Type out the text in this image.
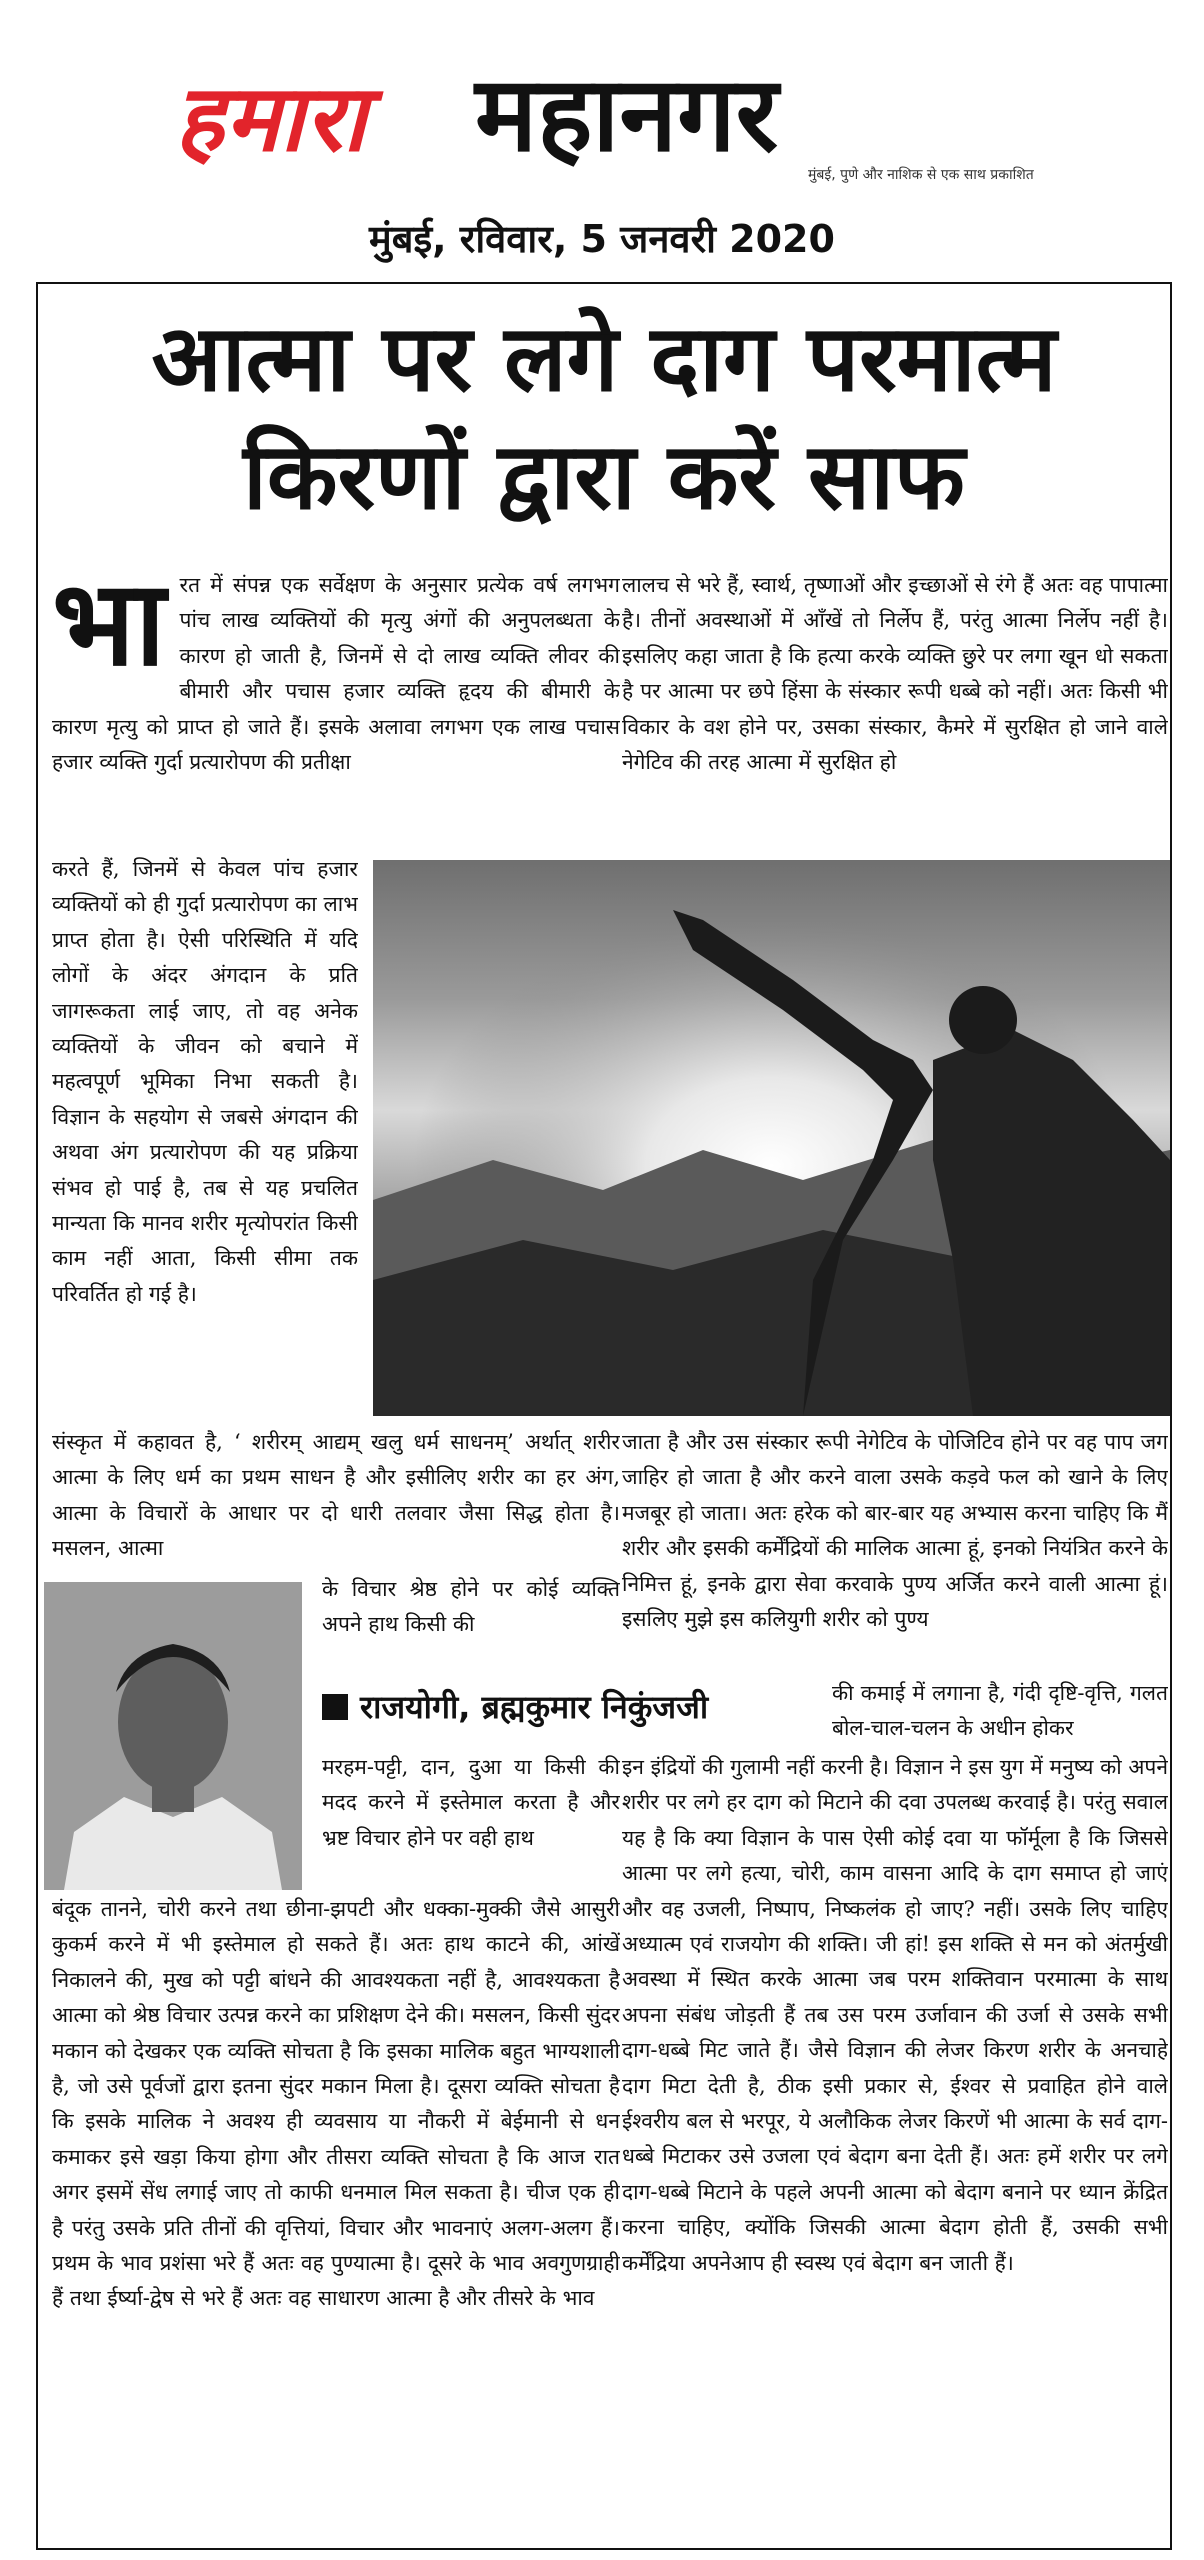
हमारा महानगर मुंबई, पुणे और नाशिक से एक साथ प्रकाशित
मुंबई, रविवार, 5 जनवरी 2020
आत्मा पर लगे दाग परमात्म
किरणों द्वारा करें साफ
भा रत में संपन्न एक सर्वेक्षण के अनुसार प्रत्येक वर्ष लगभग पांच लाख व्यक्तियों की मृत्यु अंगों की अनुपलब्धता के कारण हो जाती है, जिनमें से दो लाख व्यक्ति लीवर की बीमारी और पचास हजार व्यक्ति हृदय की बीमारी के कारण मृत्यु को प्राप्त हो जाते हैं। इसके अलावा लगभग एक लाख पचास हजार व्यक्ति गुर्दा प्रत्यारोपण की प्रतीक्षा
करते हैं, जिनमें से केवल पांच हजार व्यक्तियों को ही गुर्दा प्रत्यारोपण का लाभ प्राप्त होता है। ऐसी परिस्थिति में यदि लोगों के अंदर अंगदान के प्रति जागरूकता लाई जाए, तो वह अनेक व्यक्तियों के जीवन को बचाने में महत्वपूर्ण भूमिका निभा सकती है। विज्ञान के सहयोग से जबसे अंगदान की अथवा अंग प्रत्यारोपण की यह प्रक्रिया संभव हो पाई है, तब से यह प्रचलित मान्यता कि मानव शरीर मृत्योपरांत किसी काम नहीं आता, किसी सीमा तक परिवर्तित हो गई है।
लालच से भरे हैं, स्वार्थ, तृष्णाओं और इच्छाओं से रंगे हैं अतः वह पापात्मा है। तीनों अवस्थाओं में आँखें तो निर्लेप हैं, परंतु आत्मा निर्लेप नहीं है। इसलिए कहा जाता है कि हत्या करके व्यक्ति छुरे पर लगा खून धो सकता है पर आत्मा पर छपे हिंसा के संस्कार रूपी धब्बे को नहीं। अतः किसी भी विकार के वश होने पर, उसका संस्कार, कैमरे में सुरक्षित हो जाने वाले नेगेटिव की तरह आत्मा में सुरक्षित हो
संस्कृत में कहावत है, ‘ शरीरम् आद्यम् खलु धर्म साधनम्’ अर्थात् शरीर आत्मा के लिए धर्म का प्रथम साधन है और इसीलिए शरीर का हर अंग, आत्मा के विचारों के आधार पर दो धारी तलवार जैसा सिद्ध होता है। मसलन, आत्मा
के विचार श्रेष्ठ होने पर कोई व्यक्ति अपने हाथ किसी की
राजयोगी, ब्रह्मकुमार निकुंजजी
मरहम-पट्टी, दान, दुआ या किसी की मदद करने में इस्तेमाल करता है और भ्रष्ट विचार होने पर वही हाथ
बंदूक तानने, चोरी करने तथा छीना-झपटी और धक्का-मुक्की जैसे आसुरी कुकर्म करने में भी इस्तेमाल हो सकते हैं। अतः हाथ काटने की, आंखें निकालने की, मुख को पट्टी बांधने की आवश्यकता नहीं है, आवश्यकता है आत्मा को श्रेष्ठ विचार उत्पन्न करने का प्रशिक्षण देने की। मसलन, किसी सुंदर मकान को देखकर एक व्यक्ति सोचता है कि इसका मालिक बहुत भाग्यशाली है, जो उसे पूर्वजों द्वारा इतना सुंदर मकान मिला है। दूसरा व्यक्ति सोचता है कि इसके मालिक ने अवश्य ही व्यवसाय या नौकरी में बेईमानी से धन कमाकर इसे खड़ा किया होगा और तीसरा व्यक्ति सोचता है कि आज रात अगर इसमें सेंध लगाई जाए तो काफी धनमाल मिल सकता है। चीज एक ही है परंतु उसके प्रति तीनों की वृत्तियां, विचार और भावनाएं अलग-अलग हैं। प्रथम के भाव प्रशंसा भरे हैं अतः वह पुण्यात्मा है। दूसरे के भाव अवगुणग्राही हैं तथा ईर्ष्या-द्वेष से भरे हैं अतः वह साधारण आत्मा है और तीसरे के भाव
जाता है और उस संस्कार रूपी नेगेटिव के पोजिटिव होने पर वह पाप जग जाहिर हो जाता है और करने वाला उसके कड़वे फल को खाने के लिए मजबूर हो जाता। अतः हरेक को बार-बार यह अभ्यास करना चाहिए कि मैं शरीर और इसकी कर्मेंद्रियों की मालिक आत्मा हूं, इनको नियंत्रित करने के निमित्त हूं, इनके द्वारा सेवा करवाके पुण्य अर्जित करने वाली आत्मा हूं। इसलिए मुझे इस कलियुगी शरीर को पुण्य
की कमाई में लगाना है, गंदी दृष्टि-वृत्ति, गलत बोल-चाल-चलन के अधीन होकर
इन इंद्रियों की गुलामी नहीं करनी है। विज्ञान ने इस युग में मनुष्य को अपने शरीर पर लगे हर दाग को मिटाने की दवा उपलब्ध करवाई है। परंतु सवाल यह है कि क्या विज्ञान के पास ऐसी कोई दवा या फॉर्मूला है कि जिससे आत्मा पर लगे हत्या, चोरी, काम वासना आदि के दाग समाप्त हो जाएं और वह उजली, निष्पाप, निष्कलंक हो जाए? नहीं। उसके लिए चाहिए अध्यात्म एवं राजयोग की शक्ति। जी हां! इस शक्ति से मन को अंतर्मुखी अवस्था में स्थित करके आत्मा जब परम शक्तिवान परमात्मा के साथ अपना संबंध जोड़ती हैं तब उस परम उर्जावान की उर्जा से उसके सभी दाग-धब्बे मिट जाते हैं। जैसे विज्ञान की लेजर किरण शरीर के अनचाहे दाग मिटा देती है, ठीक इसी प्रकार से, ईश्वर से प्रवाहित होने वाले ईश्वरीय बल से भरपूर, ये अलौकिक लेजर किरणें भी आत्मा के सर्व दाग-धब्बे मिटाकर उसे उजला एवं बेदाग बना देती हैं। अतः हमें शरीर पर लगे दाग-धब्बे मिटाने के पहले अपनी आत्मा को बेदाग बनाने पर ध्यान क्रेंद्रित करना चाहिए, क्योंकि जिसकी आत्मा बेदाग होती हैं, उसकी सभी कर्मेंद्रिया अपनेआप ही स्वस्थ एवं बेदाग बन जाती हैं।
